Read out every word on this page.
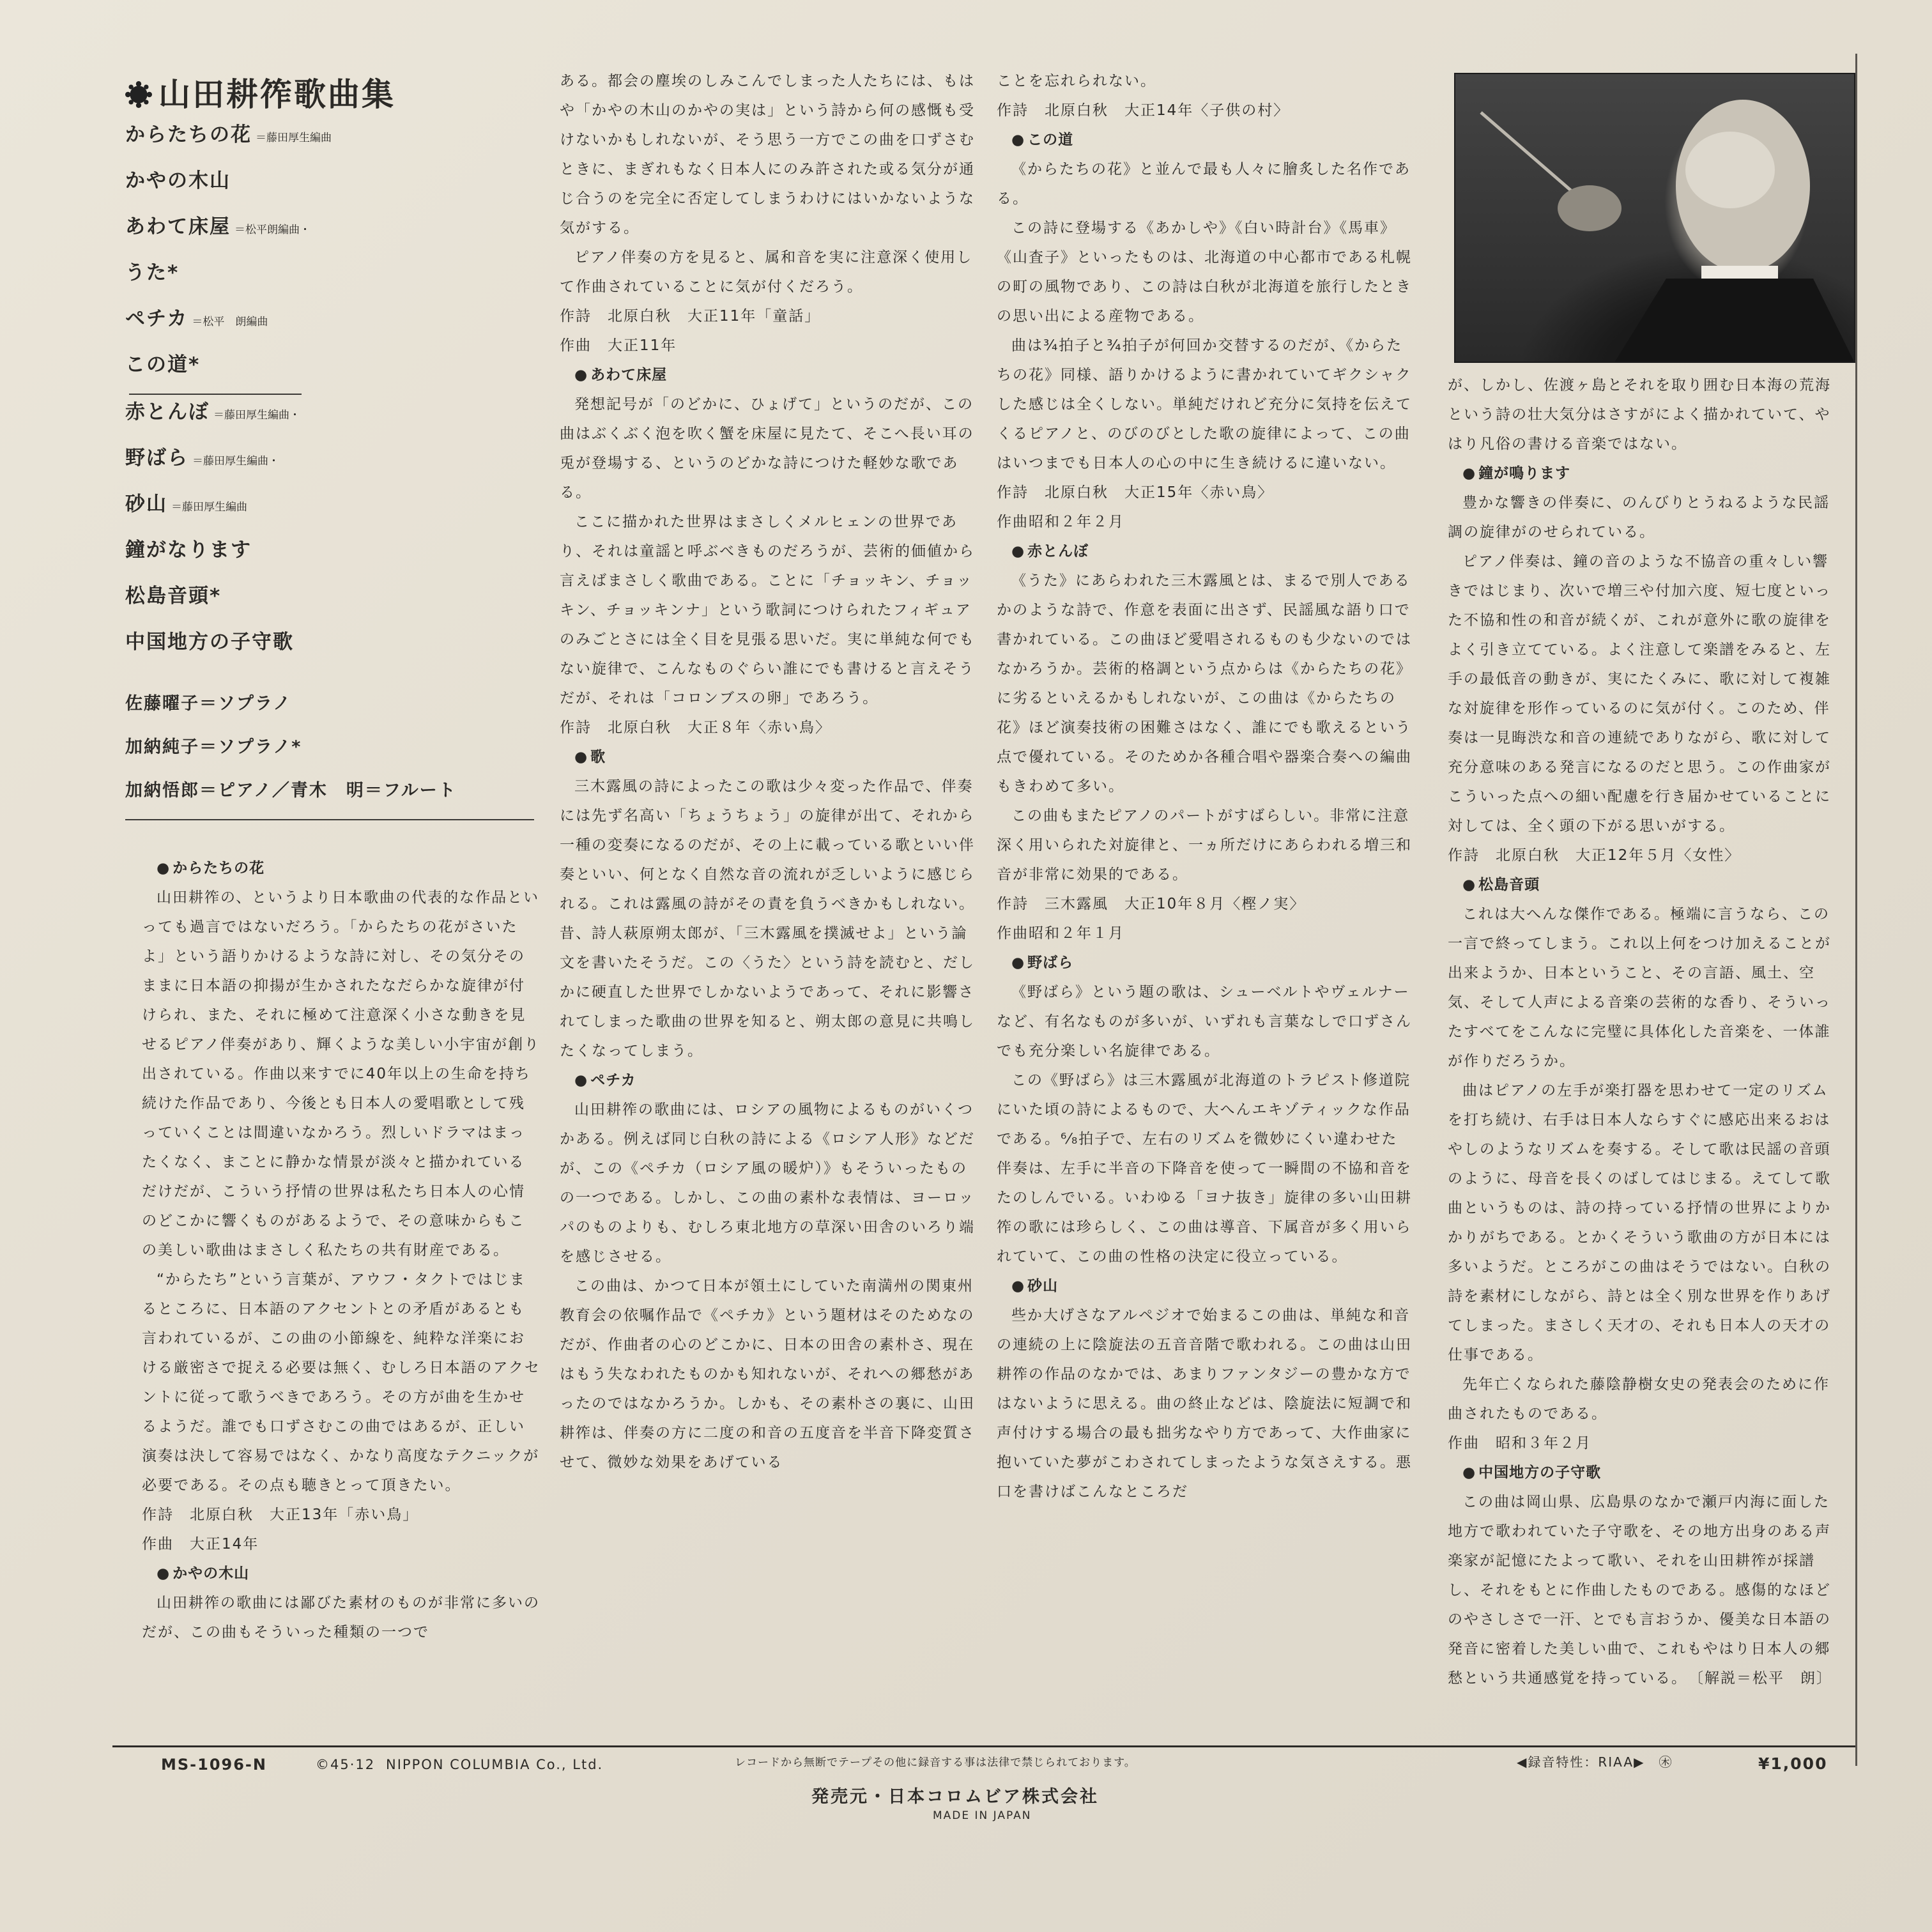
山田耕筰歌曲集
からたちの花 ＝藤田厚生編曲
かやの木山
あわて床屋 ＝松平朗編曲・
うた*
ペチカ ＝松平　朗編曲
この道*
赤とんぼ ＝藤田厚生編曲・
野ばら ＝藤田厚生編曲・
砂山 ＝藤田厚生編曲
鐘がなります
松島音頭*
中国地方の子守歌
佐藤曜子＝ソプラノ
加納純子＝ソプラノ*
加納悟郎＝ピアノ／青木　明＝フルート

● からたちの花

山田耕筰の、というより日本歌曲の代表的な作品といっても過言ではないだろう。「からたちの花がさいたよ」という語りかけるような詩に対し、その気分そのままに日本語の抑揚が生かされたなだらかな旋律が付けられ、また、それに極めて注意深く小さな動きを見せるピアノ伴奏があり、輝くような美しい小宇宙が創り出されている。作曲以来すでに40年以上の生命を持ち続けた作品であり、今後とも日本人の愛唱歌として残っていくことは間違いなかろう。烈しいドラマはまったくなく、まことに静かな情景が淡々と描かれているだけだが、こういう抒情の世界は私たち日本人の心情のどこかに響くものがあるようで、その意味からもこの美しい歌曲はまさしく私たちの共有財産である。

“からたち”という言葉が、アウフ・タクトではじまるところに、日本語のアクセントとの矛盾があるとも言われているが、この曲の小節線を、純粋な洋楽における厳密さで捉える必要は無く、むしろ日本語のアクセントに従って歌うべきであろう。その方が曲を生かせるようだ。誰でも口ずさむこの曲ではあるが、正しい演奏は決して容易ではなく、かなり高度なテクニックが必要である。その点も聴きとって頂きたい。

作詩　北原白秋　大正13年「赤い鳥」

作曲　大正14年

● かやの木山

山田耕筰の歌曲には鄙びた素材のものが非常に多いのだが、この曲もそういった種類の一つで

ある。都会の塵埃のしみこんでしまった人たちには、もはや「かやの木山のかやの実は」という詩から何の感慨も受けないかもしれないが、そう思う一方でこの曲を口ずさむときに、まぎれもなく日本人にのみ許された或る気分が通じ合うのを完全に否定してしまうわけにはいかないような気がする。

ピアノ伴奏の方を見ると、属和音を実に注意深く使用して作曲されていることに気が付くだろう。

作詩　北原白秋　大正11年「童話」

作曲　大正11年

● あわて床屋

発想記号が「のどかに、ひょげて」というのだが、この曲はぶくぶく泡を吹く蟹を床屋に見たて、そこへ長い耳の兎が登場する、というのどかな詩につけた軽妙な歌である。

ここに描かれた世界はまさしくメルヒェンの世界であり、それは童謡と呼ぶべきものだろうが、芸術的価値から言えばまさしく歌曲である。ことに「チョッキン、チョッキン、チョッキンナ」という歌詞につけられたフィギュアのみごとさには全く目を見張る思いだ。実に単純な何でもない旋律で、こんなものぐらい誰にでも書けると言えそうだが、それは「コロンブスの卵」であろう。

作詩　北原白秋　大正８年〈赤い鳥〉

● 歌

三木露風の詩によったこの歌は少々変った作品で、伴奏には先ず名高い「ちょうちょう」の旋律が出て、それから一種の変奏になるのだが、その上に載っている歌といい伴奏といい、何となく自然な音の流れが乏しいように感じられる。これは露風の詩がその責を負うべきかもしれない。昔、詩人萩原朔太郎が、「三木露風を撲滅せよ」という論文を書いたそうだ。この〈うた〉という詩を読むと、だしかに硬直した世界でしかないようであって、それに影響されてしまった歌曲の世界を知ると、朔太郎の意見に共鳴したくなってしまう。

● ペチカ

山田耕筰の歌曲には、ロシアの風物によるものがいくつかある。例えば同じ白秋の詩による《ロシア人形》などだが、この《ペチカ（ロシア風の暖炉）》もそういったものの一つである。しかし、この曲の素朴な表情は、ヨーロッパのものよりも、むしろ東北地方の草深い田舎のいろり端を感じさせる。

この曲は、かつて日本が領土にしていた南満州の関東州教育会の依嘱作品で《ペチカ》という題材はそのためなのだが、作曲者の心のどこかに、日本の田舎の素朴さ、現在はもう失なわれたものかも知れないが、それへの郷愁があったのではなかろうか。しかも、その素朴さの裏に、山田耕筰は、伴奏の方に二度の和音の五度音を半音下降変質させて、微妙な効果をあげている

ことを忘れられない。

作詩　北原白秋　大正14年〈子供の村〉

● この道

《からたちの花》と並んで最も人々に膾炙した名作である。

この詩に登場する《あかしや》《白い時計台》《馬車》《山査子》といったものは、北海道の中心都市である札幌の町の風物であり、この詩は白秋が北海道を旅行したときの思い出による産物である。

曲は¾拍子と¾拍子が何回か交替するのだが、《からたちの花》同様、語りかけるように書かれていてギクシャクした感じは全くしない。単純だけれど充分に気持を伝えてくるピアノと、のびのびとした歌の旋律によって、この曲はいつまでも日本人の心の中に生き続けるに違いない。

作詩　北原白秋　大正15年〈赤い鳥〉

作曲昭和２年２月

● 赤とんぼ

《うた》にあらわれた三木露風とは、まるで別人であるかのような詩で、作意を表面に出さず、民謡風な語り口で書かれている。この曲ほど愛唱されるものも少ないのではなかろうか。芸術的格調という点からは《からたちの花》に劣るといえるかもしれないが、この曲は《からたちの花》ほど演奏技術の困難さはなく、誰にでも歌えるという点で優れている。そのためか各種合唱や器楽合奏への編曲もきわめて多い。

この曲もまたピアノのパートがすばらしい。非常に注意深く用いられた対旋律と、一ヵ所だけにあらわれる増三和音が非常に効果的である。

作詩　三木露風　大正10年８月〈樫ノ実〉

作曲昭和２年１月

● 野ばら

《野ばら》という題の歌は、シューベルトやヴェルナーなど、有名なものが多いが、いずれも言葉なしで口ずさんでも充分楽しい名旋律である。

この《野ばら》は三木露風が北海道のトラピスト修道院にいた頃の詩によるもので、大へんエキゾティックな作品である。⁶⁄₈拍子で、左右のリズムを微妙にくい違わせた伴奏は、左手に半音の下降音を使って一瞬間の不協和音をたのしんでいる。いわゆる「ヨナ抜き」旋律の多い山田耕筰の歌には珍らしく、この曲は導音、下属音が多く用いられていて、この曲の性格の決定に役立っている。

● 砂山

些か大げさなアルペジオで始まるこの曲は、単純な和音の連続の上に陰旋法の五音音階で歌われる。この曲は山田耕筰の作品のなかでは、あまりファンタジーの豊かな方ではないように思える。曲の終止などは、陰旋法に短調で和声付けする場合の最も拙劣なやり方であって、大作曲家に抱いていた夢がこわされてしまったような気さえする。悪口を書けばこんなところだ

が、しかし、佐渡ヶ島とそれを取り囲む日本海の荒海という詩の壮大気分はさすがによく描かれていて、やはり凡俗の書ける音楽ではない。

● 鐘が鳴ります

豊かな響きの伴奏に、のんびりとうねるような民謡調の旋律がのせられている。

ピアノ伴奏は、鐘の音のような不協音の重々しい響きではじまり、次いで増三や付加六度、短七度といった不協和性の和音が続くが、これが意外に歌の旋律をよく引き立てている。よく注意して楽譜をみると、左手の最低音の動きが、実にたくみに、歌に対して複雑な対旋律を形作っているのに気が付く。このため、伴奏は一見晦渋な和音の連続でありながら、歌に対して充分意味のある発言になるのだと思う。この作曲家がこういった点への細い配慮を行き届かせていることに対しては、全く頭の下がる思いがする。

作詩　北原白秋　大正12年５月〈女性〉

● 松島音頭

これは大へんな傑作である。極端に言うなら、この一言で終ってしまう。これ以上何をつけ加えることが出来ようか、日本ということ、その言語、風土、空気、そして人声による音楽の芸術的な香り、そういったすべてをこんなに完璧に具体化した音楽を、一体誰が作りだろうか。

曲はピアノの左手が楽打器を思わせて一定のリズムを打ち続け、右手は日本人ならすぐに感応出来るおはやしのようなリズムを奏する。そして歌は民謡の音頭のように、母音を長くのばしてはじまる。えてして歌曲というものは、詩の持っている抒情の世界によりかかりがちである。とかくそういう歌曲の方が日本には多いようだ。ところがこの曲はそうではない。白秋の詩を素材にしながら、詩とは全く別な世界を作りあげてしまった。まさしく天才の、それも日本人の天才の仕事である。

先年亡くなられた藤陰静樹女史の発表会のために作曲されたものである。

作曲　昭和３年２月

● 中国地方の子守歌

この曲は岡山県、広島県のなかで瀬戸内海に面した地方で歌われていた子守歌を、その地方出身のある声楽家が記憶にたよって歌い、それを山田耕筰が採譜し、それをもとに作曲したものである。感傷的なほどのやさしさで一汗、とでも言おうか、優美な日本語の発音に密着した美しい曲で、これもやはり日本人の郷愁という共通感覚を持っている。　〔解説＝松平　朗〕

MS-1096-N	©45·12 NIPPON COLUMBIA Co., Ltd.	レコードから無断でテープその他に録音する事は法律で禁じられております。	◀録音特性：RIAA▶　㊍	¥1,000
発売元・日本コロムビア株式会社
MADE IN JAPAN
